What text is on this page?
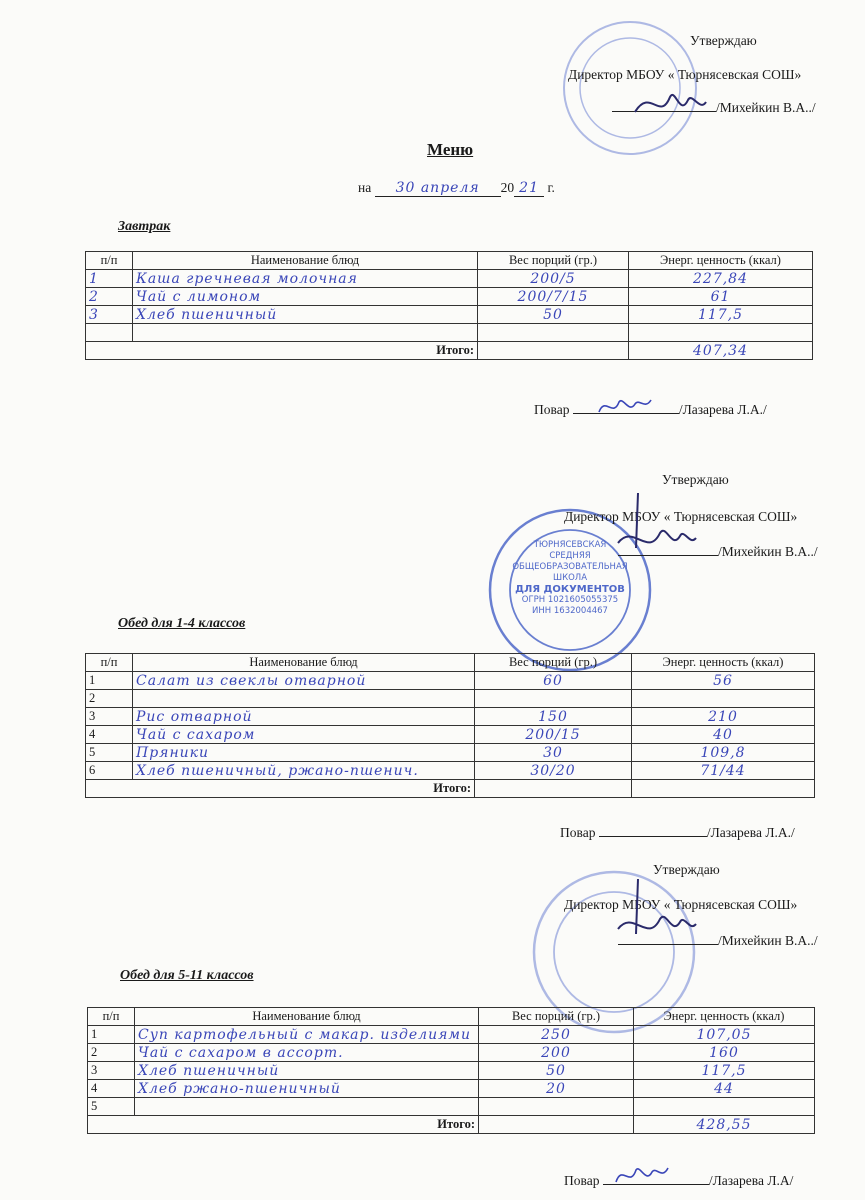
Утверждаю
Директор МБОУ « Тюрнясевская СОШ»
/Михейкин В.А../
Меню
на 30 апреля 20 21 г.
Завтрак
п/п	Наименование блюд	Вес порций (гр.)	Энерг. ценность (ккал)
1	Каша гречневая молочная	200/5	227,84
2	Чай с лимоном	200/7/15	61
3	Хлеб пшеничный	50	117,5

Итого:			407,34
Повар	/Лазарева Л.А./
ТЮРНЯСЕВСКАЯ
СРЕДНЯЯ
ОБЩЕОБРАЗОВАТЕЛЬНАЯ
ШКОЛА
ДЛЯ ДОКУМЕНТОВ
ОГРН 1021605055375
ИНН 1632004467
Утверждаю
Директор МБОУ « Тюрнясевская СОШ»
/Михейкин В.А../
Обед для 1-4 классов
п/п	Наименование блюд	Вес порций (гр.)	Энерг. ценность (ккал)
1	Салат из свеклы отварной	60	56
2			
3	Рис отварной	150	210
4	Чай с сахаром	200/15	40
5	Пряники	30	109,8
6	Хлеб пшеничный, ржано-пшенич.	30/20	71/44
Итого:			
Повар	/Лазарева Л.А./
Утверждаю
Директор МБОУ « Тюрнясевская СОШ»
/Михейкин В.А../
Обед для 5-11 классов
п/п	Наименование блюд	Вес порций (гр.)	Энерг. ценность (ккал)
1	Суп картофельный с макар. изделиями	250	107,05
2	Чай с сахаром в ассорт.	200	160
3	Хлеб пшеничный	50	117,5
4	Хлеб ржано-пшеничный	20	44
5			
Итого:			428,55
Повар	/Лазарева Л.А/
